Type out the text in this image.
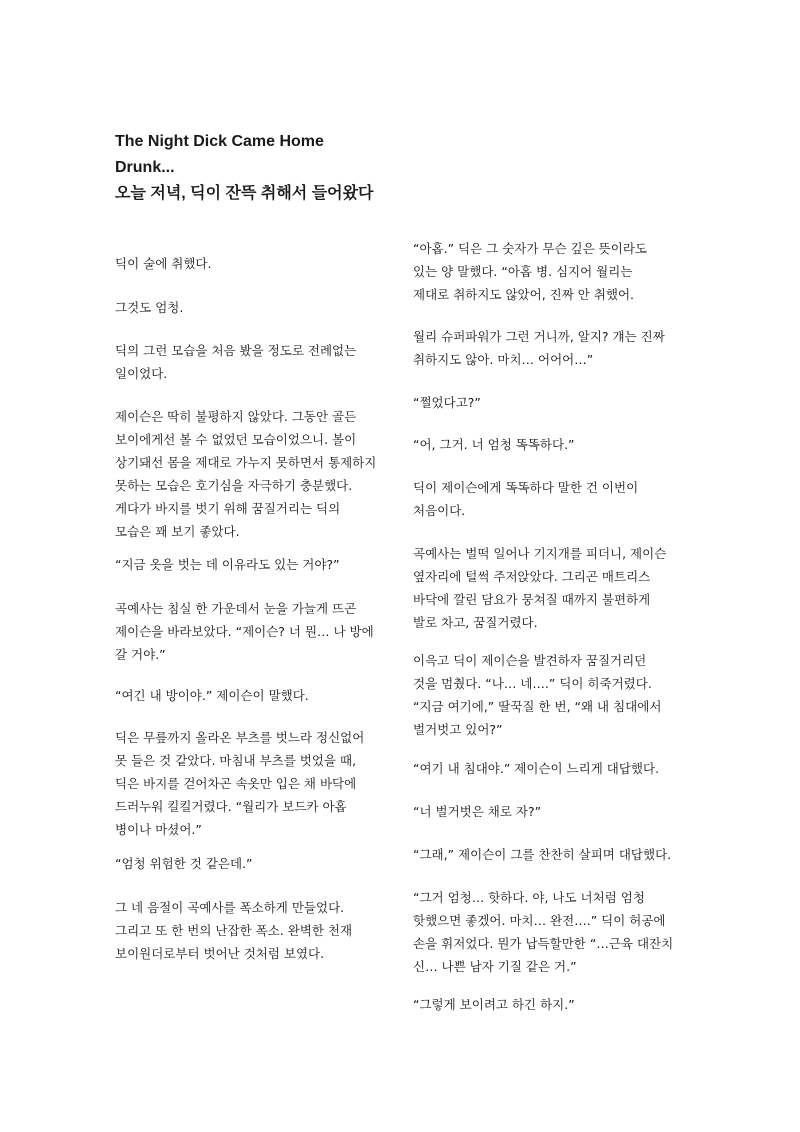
The Night Dick Came Home
Drunk...
오늘 저녁, 딕이 잔뜩 취해서 들어왔다
딕이 술에 취했다.
그것도 엄청.
딕의 그런 모습을 처음 봤을 정도로 전례없는
일이었다.
제이슨은 딱히 불평하지 않았다. 그동안 골든
보이에게선 볼 수 없었던 모습이었으니. 볼이
상기돼선 몸을 제대로 가누지 못하면서 통제하지
못하는 모습은 호기심을 자극하기 충분했다.
게다가 바지를 벗기 위해 꿈질거리는 딕의
모습은 꽤 보기 좋았다.
“지금 옷을 벗는 데 이유라도 있는 거야?”
곡예사는 침실 한 가운데서 눈을 가늘게 뜨곤
제이슨을 바라보았다. “제이슨? 너 뭔… 나 방에
갈 거야.”
“여긴 내 방이야.” 제이슨이 말했다.
딕은 무릎까지 올라온 부츠를 벗느라 정신없어
못 들은 것 같았다. 마침내 부츠를 벗었을 때,
딕은 바지를 걷어차곤 속옷만 입은 채 바닥에
드러누워 킬킬거렸다. “월리가 보드카 아홉
병이나 마셨어.”
“엄청 위험한 것 같은데.”
그 네 음절이 곡예사를 폭소하게 만들었다.
그리고 또 한 번의 난잡한 폭소. 완벽한 천재
보이원더로부터 벗어난 것처럼 보였다.
“아홉.” 딕은 그 숫자가 무슨 깊은 뜻이라도
있는 양 말했다. “아홉 병. 심지어 월리는
제대로 취하지도 않았어, 진짜 안 취했어.
월리 슈퍼파워가 그런 거니까, 알지? 걔는 진짜
취하지도 않아. 마치… 어어어…”
“쩔었다고?”
“어, 그거. 너 엄청 똑똑하다.”
딕이 제이슨에게 똑똑하다 말한 건 이번이
처음이다.
곡예사는 벌떡 일어나 기지개를 피더니, 제이슨
옆자리에 털썩 주저앉았다. 그리곤 매트리스
바닥에 깔린 담요가 뭉쳐질 때까지 불편하게
발로 차고, 꿈질거렸다.
이윽고 딕이 제이슨을 발견하자 꿈질거리던
것을 멈췄다. “나… 네….” 딕이 히죽거렸다.
“지금 여기에,” 딸꾹질 한 번, “왜 내 침대에서
벌거벗고 있어?”
“여기 내 침대야.” 제이슨이 느리게 대답했다.
“너 벌거벗은 채로 자?”
“그래,” 제이슨이 그를 찬찬히 살피며 대답했다.
“그거 엄청… 핫하다. 야, 나도 너처럼 엄청
핫했으면 좋겠어. 마치… 완전….” 딕이 허공에
손을 휘저었다. 뭔가 납득할만한 “…근육 대잔치
신… 나쁜 남자 기질 같은 거.”
“그렇게 보이려고 하긴 하지.”
